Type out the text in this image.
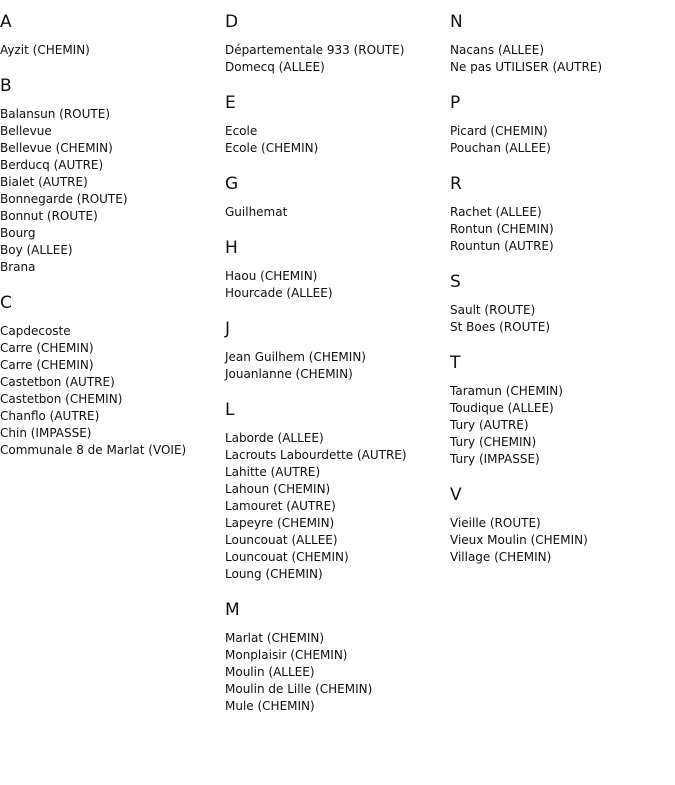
A
Ayzit (CHEMIN)
B
Balansun (ROUTE)
Bellevue
Bellevue (CHEMIN)
Berducq (AUTRE)
Bialet (AUTRE)
Bonnegarde (ROUTE)
Bonnut (ROUTE)
Bourg
Boy (ALLEE)
Brana
C
Capdecoste
Carre (CHEMIN)
Carre (CHEMIN)
Castetbon (AUTRE)
Castetbon (CHEMIN)
Chanflo (AUTRE)
Chin (IMPASSE)
Communale 8 de Marlat (VOIE)
D
Départementale 933 (ROUTE)
Domecq (ALLEE)
E
Ecole
Ecole (CHEMIN)
G
Guilhemat
H
Haou (CHEMIN)
Hourcade (ALLEE)
J
Jean Guilhem (CHEMIN)
Jouanlanne (CHEMIN)
L
Laborde (ALLEE)
Lacrouts Labourdette (AUTRE)
Lahitte (AUTRE)
Lahoun (CHEMIN)
Lamouret (AUTRE)
Lapeyre (CHEMIN)
Louncouat (ALLEE)
Louncouat (CHEMIN)
Loung (CHEMIN)
M
Marlat (CHEMIN)
Monplaisir (CHEMIN)
Moulin (ALLEE)
Moulin de Lille (CHEMIN)
Mule (CHEMIN)
N
Nacans (ALLEE)
Ne pas UTILISER (AUTRE)
P
Picard (CHEMIN)
Pouchan (ALLEE)
R
Rachet (ALLEE)
Rontun (CHEMIN)
Rountun (AUTRE)
S
Sault (ROUTE)
St Boes (ROUTE)
T
Taramun (CHEMIN)
Toudique (ALLEE)
Tury (AUTRE)
Tury (CHEMIN)
Tury (IMPASSE)
V
Vieille (ROUTE)
Vieux Moulin (CHEMIN)
Village (CHEMIN)
